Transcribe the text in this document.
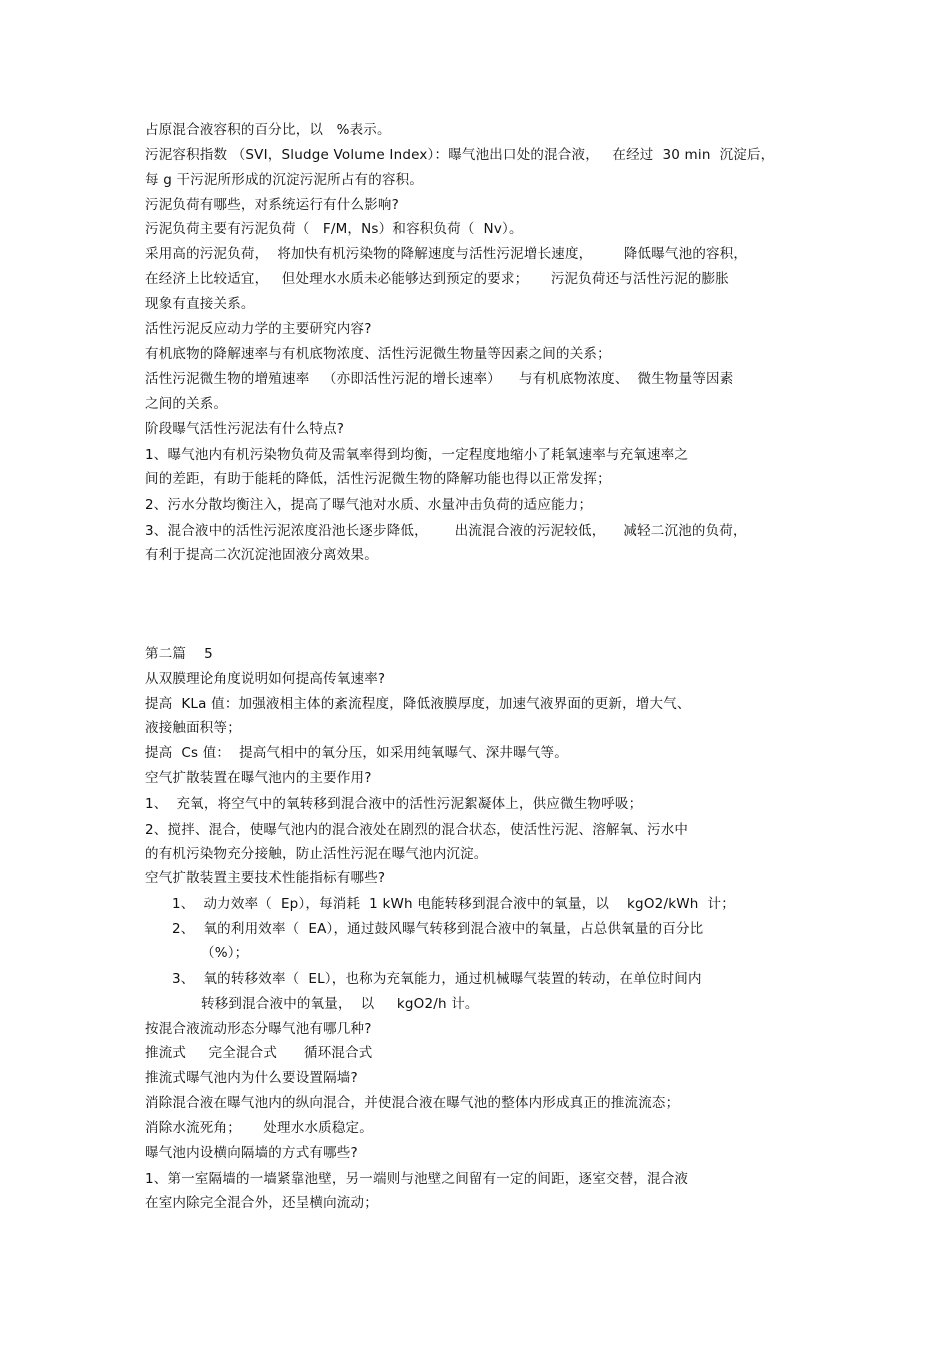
占原混合液容积的百分比，以   %表示。
污泥容积指数 （SVI，Sludge Volume Index）：曝气池出口处的混合液，   在经过  30 min  沉淀后，
每 g 干污泥所形成的沉淀污泥所占有的容积。
污泥负荷有哪些，对系统运行有什么影响?
污泥负荷主要有污泥负荷（   F/M，Ns）和容积负荷（  Nv）。
采用高的污泥负荷，  将加快有机污染物的降解速度与活性污泥增长速度，       降低曝气池的容积，
在经济上比较适宜，   但处理水水质未必能够达到预定的要求；     污泥负荷还与活性污泥的膨胀
现象有直接关系。
活性污泥反应动力学的主要研究内容?
有机底物的降解速率与有机底物浓度、活性污泥微生物量等因素之间的关系；
活性污泥微生物的增殖速率   （亦即活性污泥的增长速率）    与有机底物浓度、  微生物量等因素
之间的关系。
阶段曝气活性污泥法有什么特点?
1、曝气池内有机污染物负荷及需氧率得到均衡，一定程度地缩小了耗氧速率与充氧速率之
间的差距，有助于能耗的降低，活性污泥微生物的降解功能也得以正常发挥；
2、污水分散均衡注入，提高了曝气池对水质、水量冲击负荷的适应能力；
3、混合液中的活性污泥浓度沿池长逐步降低，      出流混合液的污泥较低，    减轻二沉池的负荷，
有利于提高二次沉淀池固液分离效果。
第二篇    5
从双膜理论角度说明如何提高传氧速率?
提高  KLa 值：加强液相主体的紊流程度，降低液膜厚度，加速气液界面的更新，增大气、
液接触面积等；
提高  Cs 值：  提高气相中的氧分压，如采用纯氧曝气、深井曝气等。
空气扩散装置在曝气池内的主要作用?
1、  充氧，将空气中的氧转移到混合液中的活性污泥絮凝体上，供应微生物呼吸；
2、搅拌、混合，使曝气池内的混合液处在剧烈的混合状态，使活性污泥、溶解氧、污水中
的有机污染物充分接触，防止活性污泥在曝气池内沉淀。
空气扩散装置主要技术性能指标有哪些?
1、  动力效率（  Ep），每消耗  1 kWh 电能转移到混合液中的氧量，以    kgO2/kWh  计；
2、  氧的利用效率（  EA），通过鼓风曝气转移到混合液中的氧量，占总供氧量的百分比
（%）；
3、  氧的转移效率（  EL），也称为充氧能力，通过机械曝气装置的转动，在单位时间内
转移到混合液中的氧量，  以     kgO2/h 计。
按混合液流动形态分曝气池有哪几种?
推流式     完全混合式      循环混合式
推流式曝气池内为什么要设置隔墙?
消除混合液在曝气池内的纵向混合，并使混合液在曝气池的整体内形成真正的推流流态；
消除水流死角；     处理水水质稳定。
曝气池内设横向隔墙的方式有哪些?
1、第一室隔墙的一墙紧靠池壁，另一端则与池壁之间留有一定的间距，逐室交替，混合液
在室内除完全混合外，还呈横向流动；
